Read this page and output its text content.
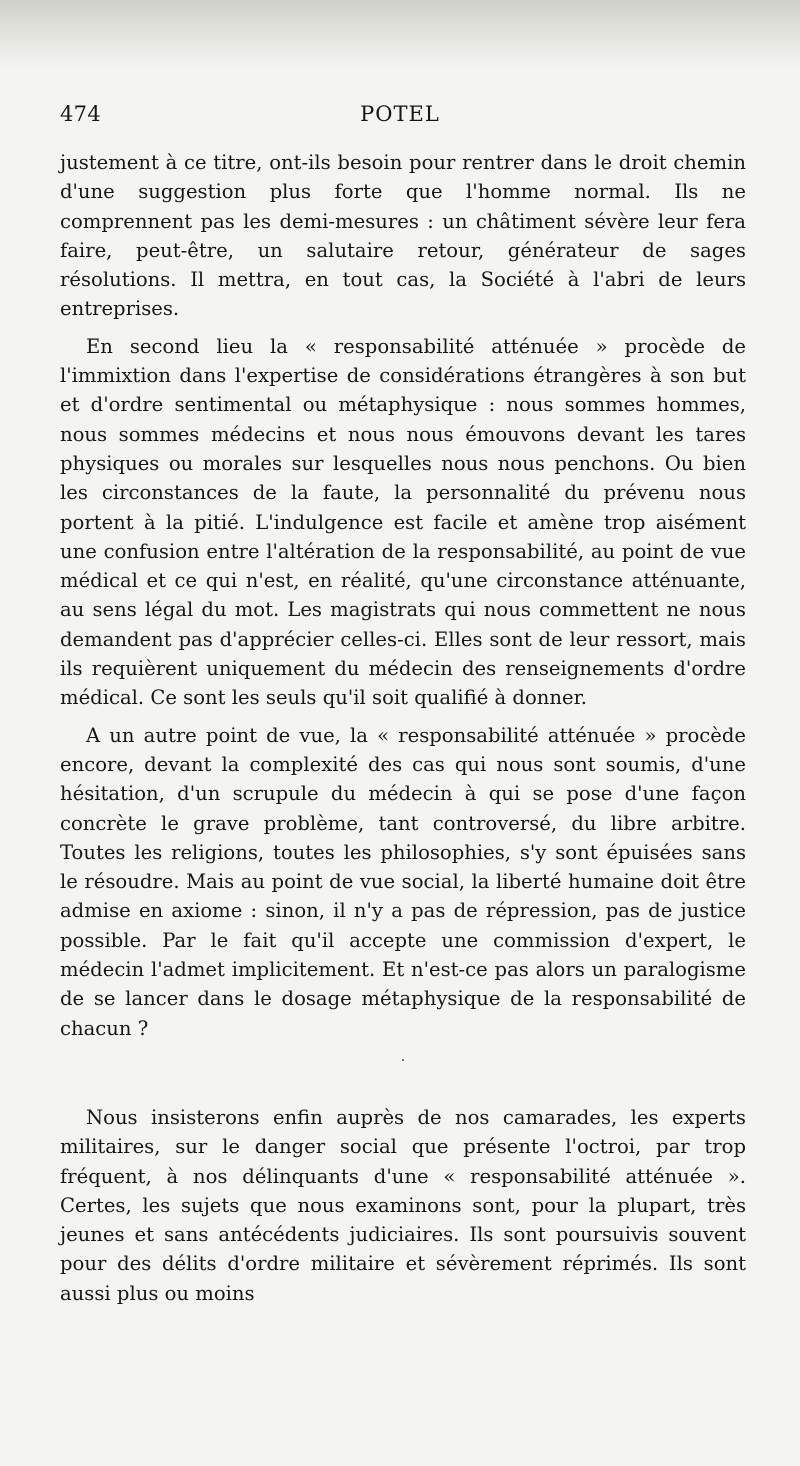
474	POTEL

justement à ce titre, ont-ils besoin pour rentrer dans le droit chemin d'une suggestion plus forte que l'homme normal. Ils ne comprennent pas les demi-mesures : un châtiment sévère leur fera faire, peut-être, un salutaire retour, générateur de sages résolutions. Il mettra, en tout cas, la Société à l'abri de leurs entreprises.

En second lieu la « responsabilité atténuée » procède de l'immixtion dans l'expertise de considérations étrangères à son but et d'ordre sentimental ou métaphysique : nous sommes hommes, nous sommes médecins et nous nous émouvons devant les tares physiques ou morales sur lesquelles nous nous penchons. Ou bien les circonstances de la faute, la personnalité du prévenu nous portent à la pitié. L'indulgence est facile et amène trop aisément une confusion entre l'altération de la responsabilité, au point de vue médical et ce qui n'est, en réalité, qu'une circonstance atténuante, au sens légal du mot. Les magistrats qui nous commettent ne nous demandent pas d'apprécier celles-ci. Elles sont de leur ressort, mais ils requièrent uniquement du médecin des renseignements d'ordre médical. Ce sont les seuls qu'il soit qualifié à donner.

A un autre point de vue, la « responsabilité atténuée » procède encore, devant la complexité des cas qui nous sont soumis, d'une hésitation, d'un scrupule du médecin à qui se pose d'une façon concrète le grave problème, tant controversé, du libre arbitre. Toutes les religions, toutes les philosophies, s'y sont épuisées sans le résoudre. Mais au point de vue social, la liberté humaine doit être admise en axiome : sinon, il n'y a pas de répression, pas de justice possible. Par le fait qu'il accepte une commission d'expert, le médecin l'admet implicitement. Et n'est-ce pas alors un paralogisme de se lancer dans le dosage métaphysique de la responsabilité de chacun ?

·

Nous insisterons enfin auprès de nos camarades, les experts militaires, sur le danger social que présente l'octroi, par trop fréquent, à nos délinquants d'une « responsabilité atténuée ». Certes, les sujets que nous examinons sont, pour la plupart, très jeunes et sans antécédents judiciaires. Ils sont poursuivis souvent pour des délits d'ordre militaire et sévèrement réprimés. Ils sont aussi plus ou moins
